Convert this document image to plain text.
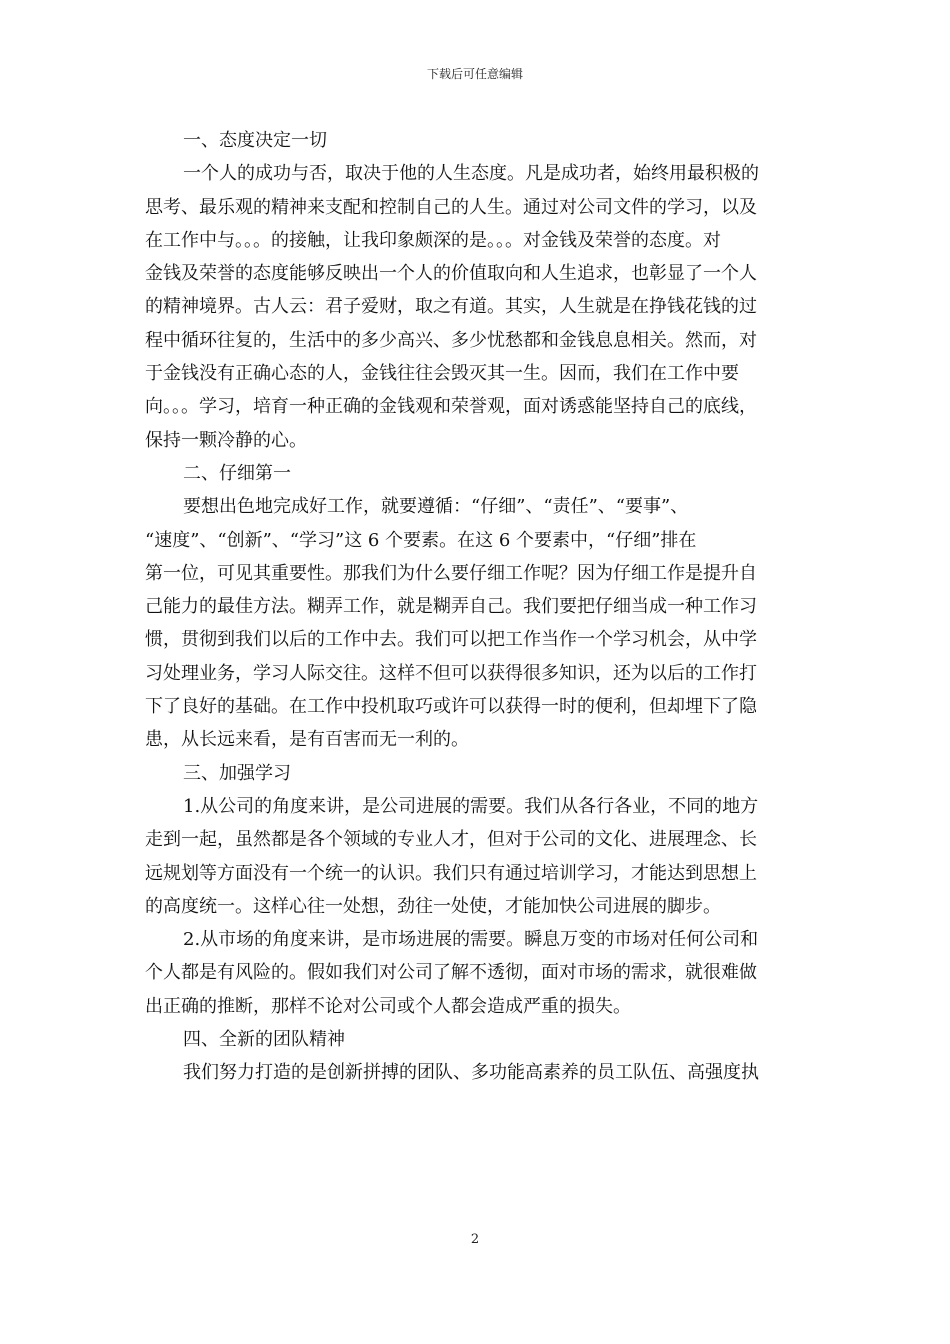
下载后可任意编辑
一、态度决定一切
一个人的成功与否，取决于他的人生态度。凡是成功者，始终用最积极的
思考、最乐观的精神来支配和控制自己的人生。通过对公司文件的学习，以及
在工作中与。。。的接触，让我印象颇深的是。。。对金钱及荣誉的态度。对
金钱及荣誉的态度能够反映出一个人的价值取向和人生追求，也彰显了一个人
的精神境界。古人云：君子爱财，取之有道。其实，人生就是在挣钱花钱的过
程中循环往复的，生活中的多少高兴、多少忧愁都和金钱息息相关。然而，对
于金钱没有正确心态的人，金钱往往会毁灭其一生。因而，我们在工作中要
向。。。学习，培育一种正确的金钱观和荣誉观，面对诱惑能坚持自己的底线，
保持一颗冷静的心。
二、仔细第一
要想出色地完成好工作，就要遵循：“仔细”、“责任”、“要事”、
“速度”、“创新”、“学习”这 6 个要素。在这 6 个要素中，“仔细”排在
第一位，可见其重要性。那我们为什么要仔细工作呢？因为仔细工作是提升自
己能力的最佳方法。糊弄工作，就是糊弄自己。我们要把仔细当成一种工作习
惯，贯彻到我们以后的工作中去。我们可以把工作当作一个学习机会，从中学
习处理业务，学习人际交往。这样不但可以获得很多知识，还为以后的工作打
下了良好的基础。在工作中投机取巧或许可以获得一时的便利，但却埋下了隐
患，从长远来看，是有百害而无一利的。
三、加强学习
1.从公司的角度来讲，是公司进展的需要。我们从各行各业，不同的地方
走到一起，虽然都是各个领域的专业人才，但对于公司的文化、进展理念、长
远规划等方面没有一个统一的认识。我们只有通过培训学习，才能达到思想上
的高度统一。这样心往一处想，劲往一处使，才能加快公司进展的脚步。
2.从市场的角度来讲，是市场进展的需要。瞬息万变的市场对任何公司和
个人都是有风险的。假如我们对公司了解不透彻，面对市场的需求，就很难做
出正确的推断，那样不论对公司或个人都会造成严重的损失。
四、全新的团队精神
我们努力打造的是创新拼搏的团队、多功能高素养的员工队伍、高强度执
2
